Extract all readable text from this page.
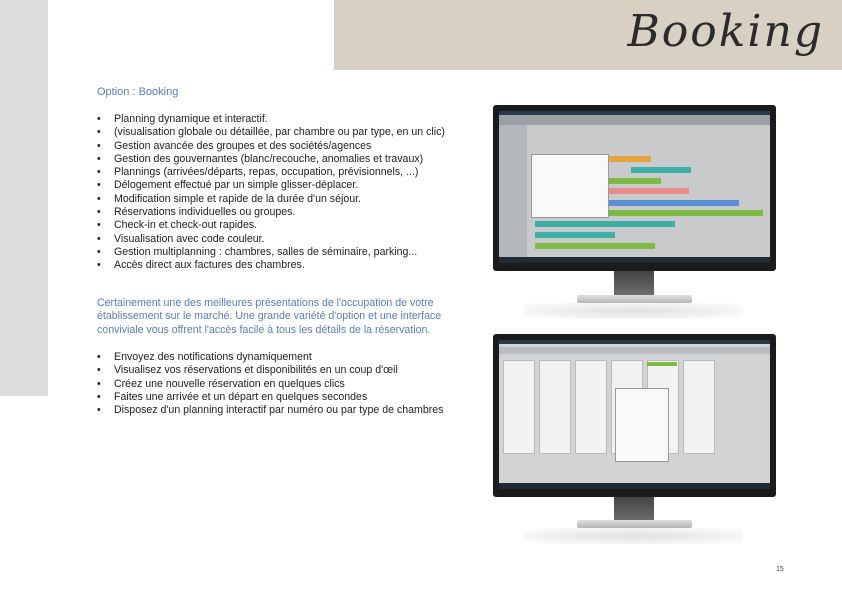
Booking
Option : Booking
• Planning dynamique et interactif.
• (visualisation globale ou détaillée, par chambre ou par type, en un clic)
• Gestion avancée des groupes et des sociétés/agences
• Gestion des gouvernantes (blanc/recouche, anomalies et travaux)
• Plannings (arrivées/départs, repas, occupation, prévisionnels, ...)
• Délogement effectué par un simple glisser-déplacer.
• Modification simple et rapide de la durée d'un séjour.
• Réservations individuelles ou groupes.
• Check-in et check-out rapides.
• Visualisation avec code couleur.
• Gestion multiplanning : chambres, salles de séminaire, parking...
• Accès direct aux factures des chambres.
Certainement une des meilleures présentations de l'occupation de votre établissement sur le marché. Une grande variété d'option et une interface conviviale vous offrent l'accès facile à tous les détails de la réservation.
• Envoyez des notifications dynamiquement
• Visualisez vos réservations et disponibilités en un coup d'œil
• Créez une nouvelle réservation en quelques clics
• Faites une arrivée et un départ en quelques secondes
• Disposez d'un planning interactif par numéro ou par type de chambres
15
